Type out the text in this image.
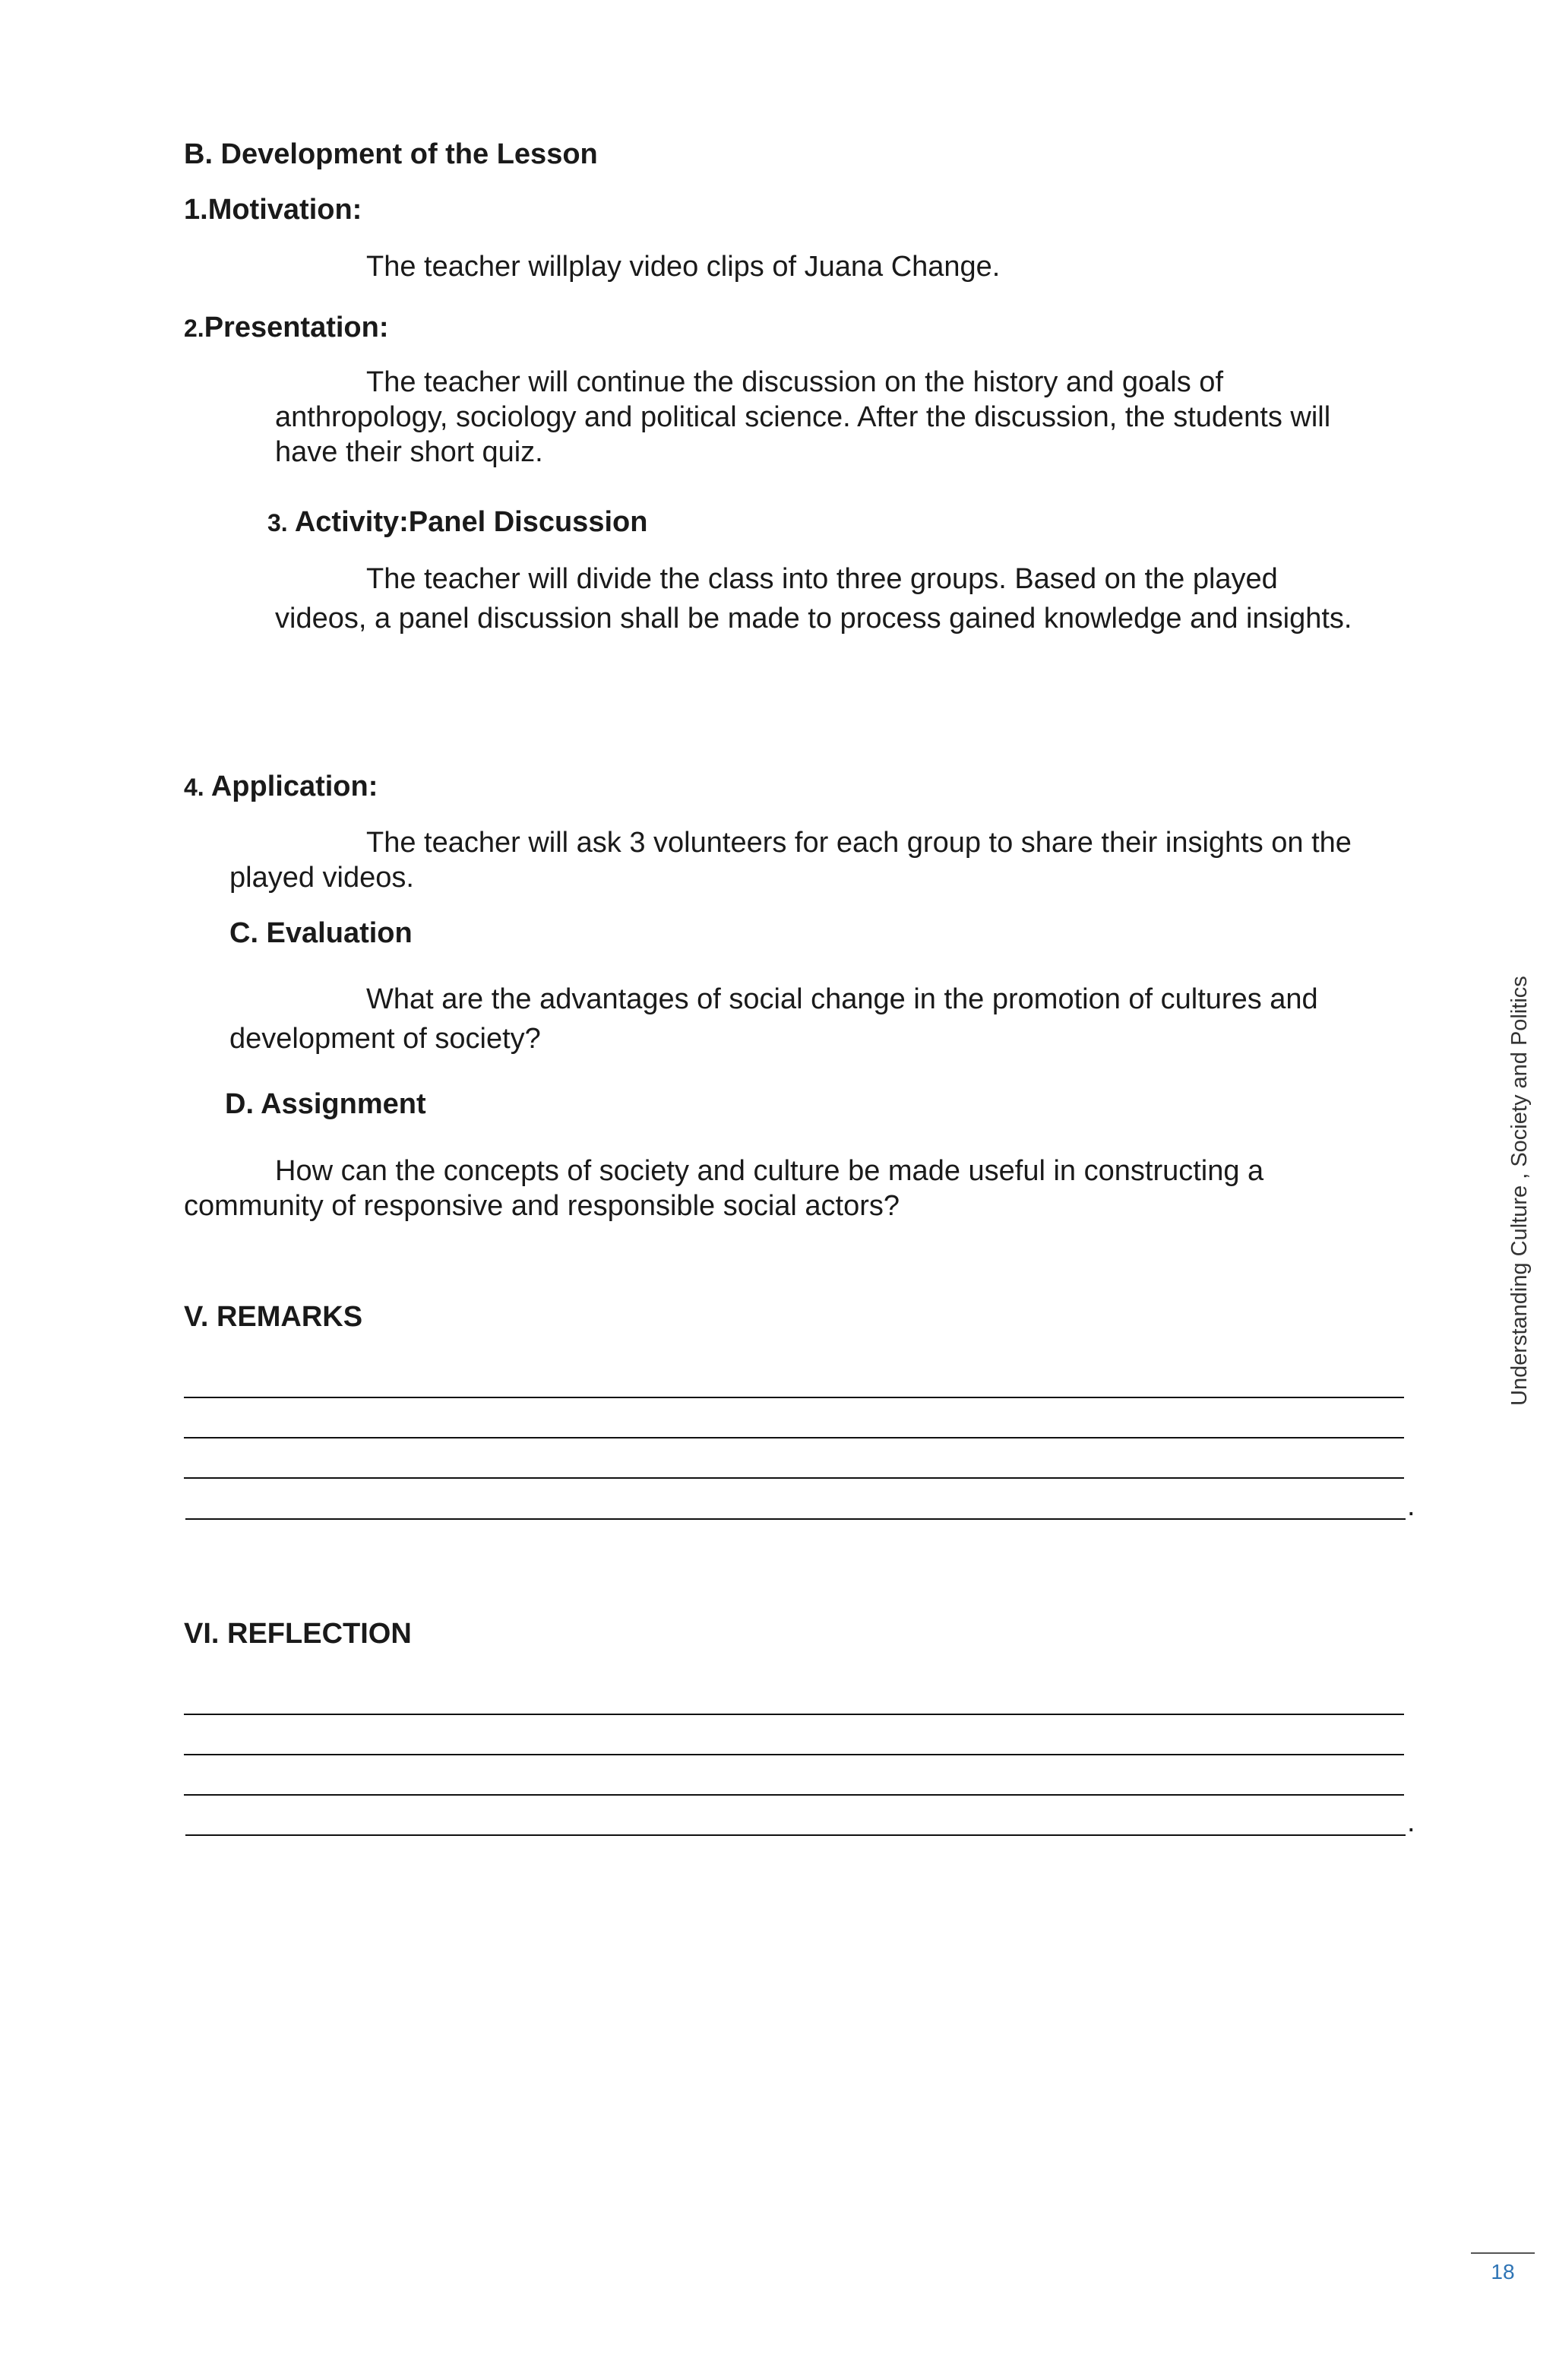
B. Development of the Lesson
1.Motivation:
The teacher willplay video clips of Juana Change.
2.Presentation:
The teacher will continue the discussion on the history and goals of
anthropology, sociology and political science. After the discussion, the students will
have their short quiz.
3. Activity:Panel Discussion
The teacher will divide the class into three groups. Based on the played
videos, a panel discussion shall be made to process gained knowledge and insights.
4. Application:
The teacher will ask 3 volunteers for each group to share their insights on the
played videos.
C. Evaluation
What are the advantages of social change in the promotion of cultures and
development of society?
D. Assignment
How can the concepts of society and culture be made useful in constructing a
community of responsive and responsible social actors?
V. REMARKS
.
VI. REFLECTION
.
Understanding Culture , Society and Politics
18
